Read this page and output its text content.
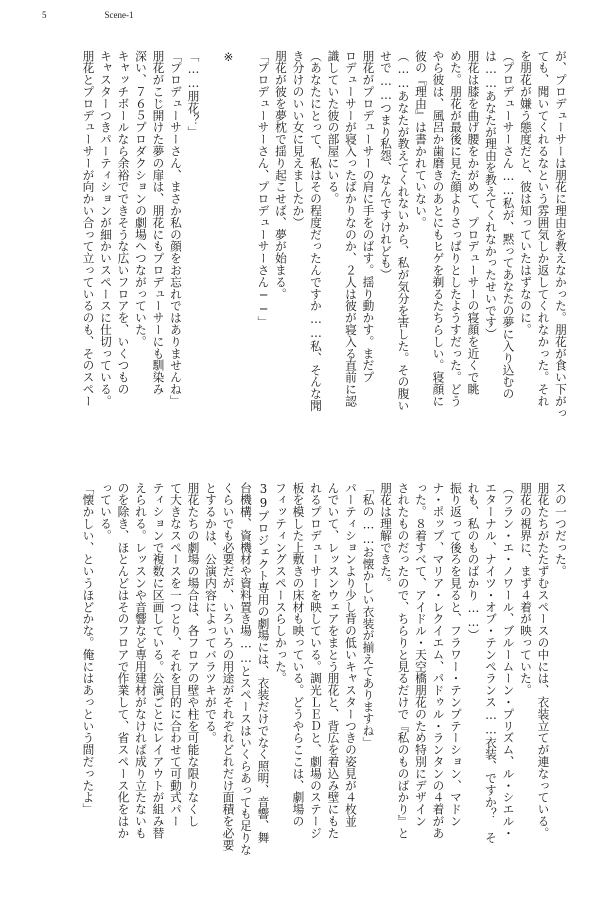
5	Scene-1
が、プロデューサーは朋花に理由を教えなかった。朋花が食い下がっ
ても、聞いてくれるなという雰囲気しか返してくれなかった。それ
を朋花が嫌う態度だと、彼は知っていたはずなのに。
（プロデューサーさん……私が、黙ってあなたの夢に入り込むの
は……あなたが理由を教えてくれなかったせいです）
朋花は膝を曲げ腰をかがめて、プロデューサーの寝顔を近くで眺
めた。朋花が最後に見た顔よりさっぱりとしたようすだった。どう
やら彼は、風呂か歯磨きのあとにもヒゲを剃るたちらしい。寝顔に
彼の『理由』は書かれていない。
（……あなたが教えてくれないから、私が気分を害した。その腹い
せで……つまり私怨、なんですけれども）
朋花がプロデューサーの肩に手をのばす。揺り動かす。まだプ
ロデューサーが寝入ったばかりなのか、２人は彼が寝入る直前に認
識していた彼の部屋にいる。
（あなたにとって、私はその程度だったんですか……私、そんな聞
き分けのいい女に見えましたか）
朋花が彼を夢枕で揺り起こせば、夢が始まる。
「プロデューサーさん、プロデューサーさん──」
※
「……朋花？」
「プロデューサーさん、まさか私の顔をお忘れではありませんね」
朋花がこじ開けた夢の扉は、朋花にもプロデューサーにも馴染み
深い、７６５プロダクションの劇場へつながっていた。
キャッチボールなら余裕でできそうな広いフロアを、いくつもの
キャスターつきパーティションが細かいスペースに仕切っている。
朋花とプロデューサーが向かい合って立っているのも、そのスペー
スの一つだった。
朋花たちがたたずむスペースの中には、衣装立てが連なっている。
朋花の視界に、まず４着が映っていた。
（フラン・エ・ノワール、ブルームーン・プリズム、ル・シエル・
エターナル、ナイツ・オブ・テンペランス……衣装、ですか？　そ
れも、私のものばかり……）
振り返って後ろを見ると、フラワー・テンプテーション、マドン
ナ・ポップ、マリア・レクイエム、パドゥル・ランタンの４着があ
った。８着すべて、アイドル・天空橋朋花のため特別にデザイン
されたものだったので、ちらりと見るだけで『私のものばかり』と
朋花は理解できた。
「私の……お懐かしい衣装が揃えてありますね」
パーティションより少し背の低いキャスターつきの姿見が４枚並
んでいて、レッスンウェアをまとう朋花と、背広を着込み壁にもた
れるプロデューサーを映している。調光ＬＥＤと、劇場のステージ
板を模した上敷きの床材も映っている。どうやらここは、劇場の
フィッティングスペースらしかった。
39プロジェクト専用の劇場には、衣装だけでなく照明、音響、舞
台機構、資機材や資料置き場……とスペースはいくらあっても足りな
くらいでも必要だが、いろいろの用途がそれぞれどれだけ面積を必要
とするかは、公演内容によってバラツキがでる。
朋花たちの劇場の場合は、各フロアの壁や柱を可能な限りなくし
て大きなスペースを一つとり、それを目的に合わせて可動式パー
ティションで複数に区画している。公演ごとにレイアウトが組み替
えられる。レッスンや音響など専用建材がなければ成り立たないも
のを除き、ほとんどはそのフロアで作業して、省スペース化をはか
っている。
「懐かしい、というほどかな。俺にはあっという間だったよ」
